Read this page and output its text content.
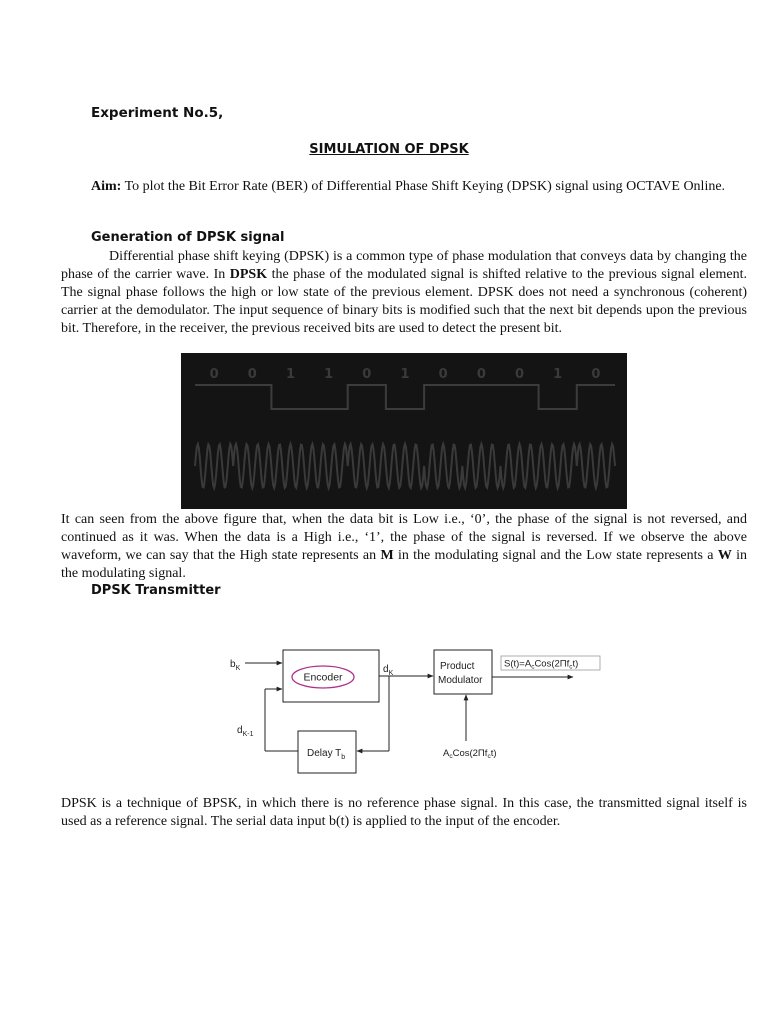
Experiment No.5,
SIMULATION OF DPSK
Aim: To plot the Bit Error Rate (BER) of Differential Phase Shift Keying (DPSK) signal using OCTAVE Online.
Generation of DPSK signal
Differential phase shift keying (DPSK) is a common type of phase modulation that conveys data by changing the phase of the carrier wave. In DPSK the phase of the modulated signal is shifted relative to the previous signal element. The signal phase follows the high or low state of the previous element. DPSK does not need a synchronous (coherent) carrier at the demodulator. The input sequence of binary bits is modified such that the next bit depends upon the previous bit. Therefore, in the receiver, the previous received bits are used to detect the present bit.
0 0 1 1 0 1 0 0 0 1 0
It can seen from the above figure that, when the data bit is Low i.e., ‘0’, the phase of the signal is not reversed, and continued as it was. When the data is a High i.e., ‘1’, the phase of the signal is reversed. If we observe the above waveform, we can say that the High state represents an M in the modulating signal and the Low state represents a W in the modulating signal.
DPSK Transmitter
$b_K$
Encoder
$d_K$
Product
Modulator
$S(t)=A_cCos(2\Pi f_ct)$
Delay $T_b$
$d_{K-1}$
$A_cCos(2\Pi f_ct)$
DPSK is a technique of BPSK, in which there is no reference phase signal. In this case, the transmitted signal itself is used as a reference signal. The serial data input b(t) is applied to the input of the encoder.
